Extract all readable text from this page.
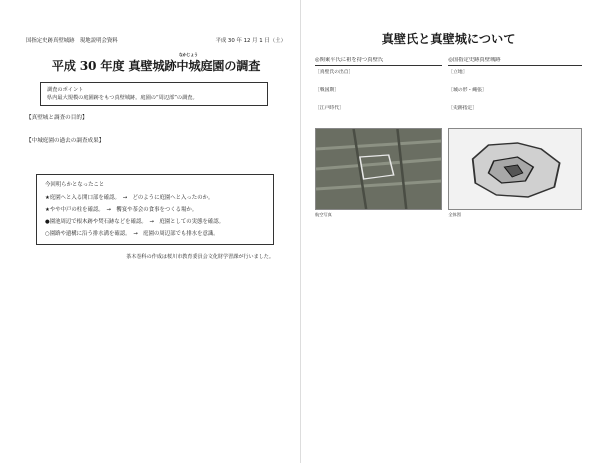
国指定史跡真壁城跡　現地説明会資料	平成 30 年 12 月 1 日（土）
平成 30 年度 真壁城跡
なかじょう
中城庭園の調査
調査のポイント
県内最大規模の庭園跡をもつ真壁城跡。庭園の“周辺部”の調査。
【真壁城と調査の目的】

【中城庭園の過去の調査成果】

今回明らかとなったこと
★庭園へと入る開口部を確認。　→　どのように庭園へと入ったのか。
★やや中戸の柱を確認。　→　饗宴や茶会の食事をつくる場か。
●園池周辺で根木跡や焚石跡などを確認。　→　庭園としての実態を確認。
○園路や遺構に沿う排水溝を確認。　→　庭園の周辺部でも排水を意識。
茶木巻科の作成は桜川市教育委員会文化財学習課が行いました。
真壁氏と真壁城について
◎関東平氏に祖を持つ真壁氏
［真壁氏の出自］

［戦国期］

［江戸時代］

航空写真
◎国指定史跡真壁城跡
［立地］

［城の形・縄張］

［史跡指定］

全体図
